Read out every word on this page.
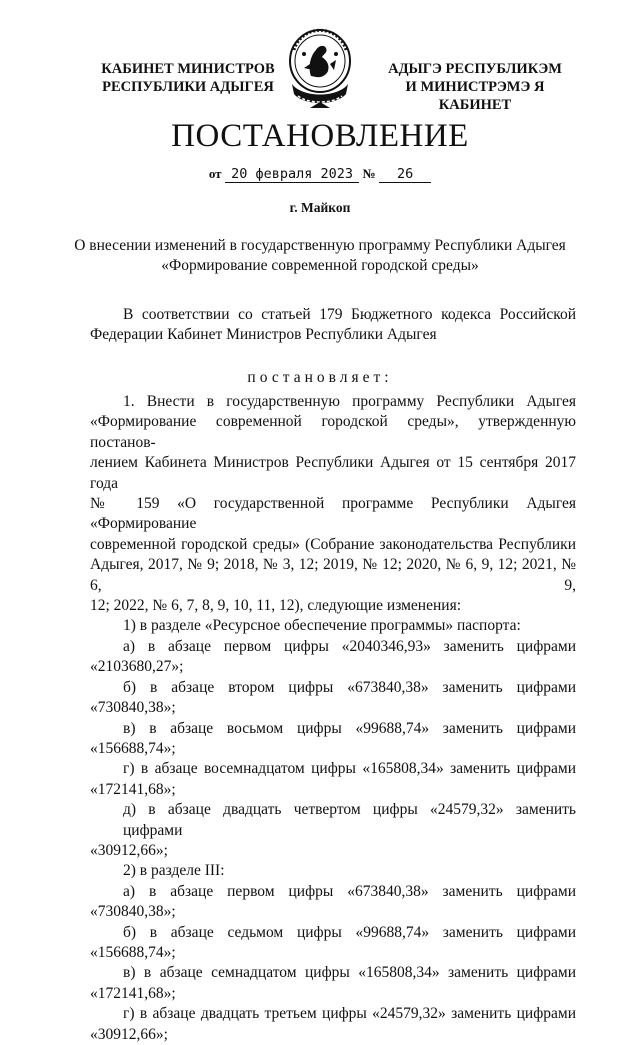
КАБИНЕТ МИНИСТРОВ
РЕСПУБЛИКИ АДЫГЕЯ
АДЫГЭ РЕСПУБЛИКЭМ
И МИНИСТРЭМЭ Я КАБИНЕТ
ПОСТАНОВЛЕНИЕ
от 20 февраля 2023 № 26
г. Майкоп
О внесении изменений в государственную программу Республики Адыгея
«Формирование современной городской среды»
В соответствии со статьей 179 Бюджетного кодекса Российской
Федерации Кабинет Министров Республики Адыгея
постановляет:
1. Внести в государственную программу Республики Адыгея
«Формирование современной городской среды», утвержденную постанов-
лением Кабинета Министров Республики Адыгея от 15 сентября 2017 года
№ 159 «О государственной программе Республики Адыгея «Формирование
современной городской среды» (Собрание законодательства Республики
Адыгея, 2017, № 9; 2018, № 3, 12; 2019, № 12; 2020, № 6, 9, 12; 2021, № 6, 9,
12; 2022, № 6, 7, 8, 9, 10, 11, 12), следующие изменения:
1) в разделе «Ресурсное обеспечение программы» паспорта:
а) в абзаце первом цифры «2040346,93» заменить цифрами
«2103680,27»;
б) в абзаце втором цифры «673840,38» заменить цифрами
«730840,38»;
в) в абзаце восьмом цифры «99688,74» заменить цифрами
«156688,74»;
г) в абзаце восемнадцатом цифры «165808,34» заменить цифрами
«172141,68»;
д) в абзаце двадцать четвертом цифры «24579,32» заменить цифрами
«30912,66»;
2) в разделе III:
а) в абзаце первом цифры «673840,38» заменить цифрами
«730840,38»;
б) в абзаце седьмом цифры «99688,74» заменить цифрами
«156688,74»;
в) в абзаце семнадцатом цифры «165808,34» заменить цифрами
«172141,68»;
г) в абзаце двадцать третьем цифры «24579,32» заменить цифрами
«30912,66»;
